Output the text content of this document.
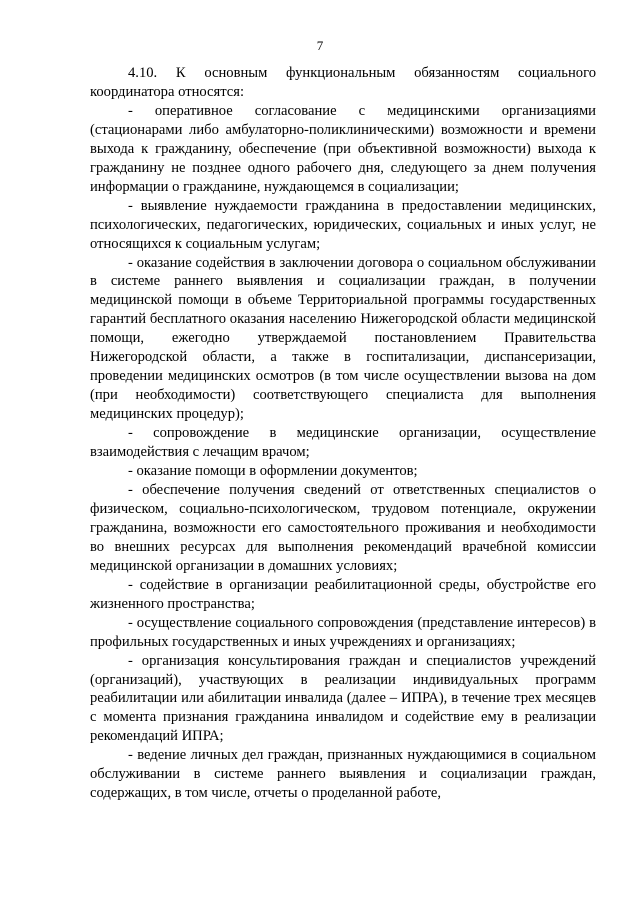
7

4.10. К основным функциональным обязанностям социального координатора относятся:

- оперативное согласование с медицинскими организациями (стационарами либо амбулаторно-поликлиническими) возможности и времени выхода к гражданину, обеспечение (при объективной возможности) выхода к гражданину не позднее одного рабочего дня, следующего за днем получения информации о гражданине, нуждающемся в социализации;

- выявление нуждаемости гражданина в предоставлении медицинских, психологических, педагогических, юридических, социальных и иных услуг, не относящихся к социальным услугам;

- оказание содействия в заключении договора о социальном обслуживании в системе раннего выявления и социализации граждан, в получении медицинской помощи в объеме Территориальной программы государственных гарантий бесплатного оказания населению Нижегородской области медицинской помощи, ежегодно утверждаемой постановлением Правительства Нижегородской области, а также в госпитализации, диспансеризации, проведении медицинских осмотров (в том числе осуществлении вызова на дом (при необходимости) соответствующего специалиста для выполнения медицинских процедур);

- сопровождение в медицинские организации, осуществление взаимодействия с лечащим врачом;

- оказание помощи в оформлении документов;

- обеспечение получения сведений от ответственных специалистов о физическом, социально-психологическом, трудовом потенциале, окружении гражданина, возможности его самостоятельного проживания и необходимости во внешних ресурсах для выполнения рекомендаций врачебной комиссии медицинской организации в домашних условиях;

- содействие в организации реабилитационной среды, обустройстве его жизненного пространства;

- осуществление социального сопровождения (представление интересов) в профильных государственных и иных учреждениях и организациях;

- организация консультирования граждан и специалистов учреждений (организаций), участвующих в реализации индивидуальных программ реабилитации или абилитации инвалида (далее – ИПРА), в течение трех месяцев с момента признания гражданина инвалидом и содействие ему в реализации рекомендаций ИПРА;

- ведение личных дел граждан, признанных нуждающимися в социальном обслуживании в системе раннего выявления и социализации граждан, содержащих, в том числе, отчеты о проделанной работе,
